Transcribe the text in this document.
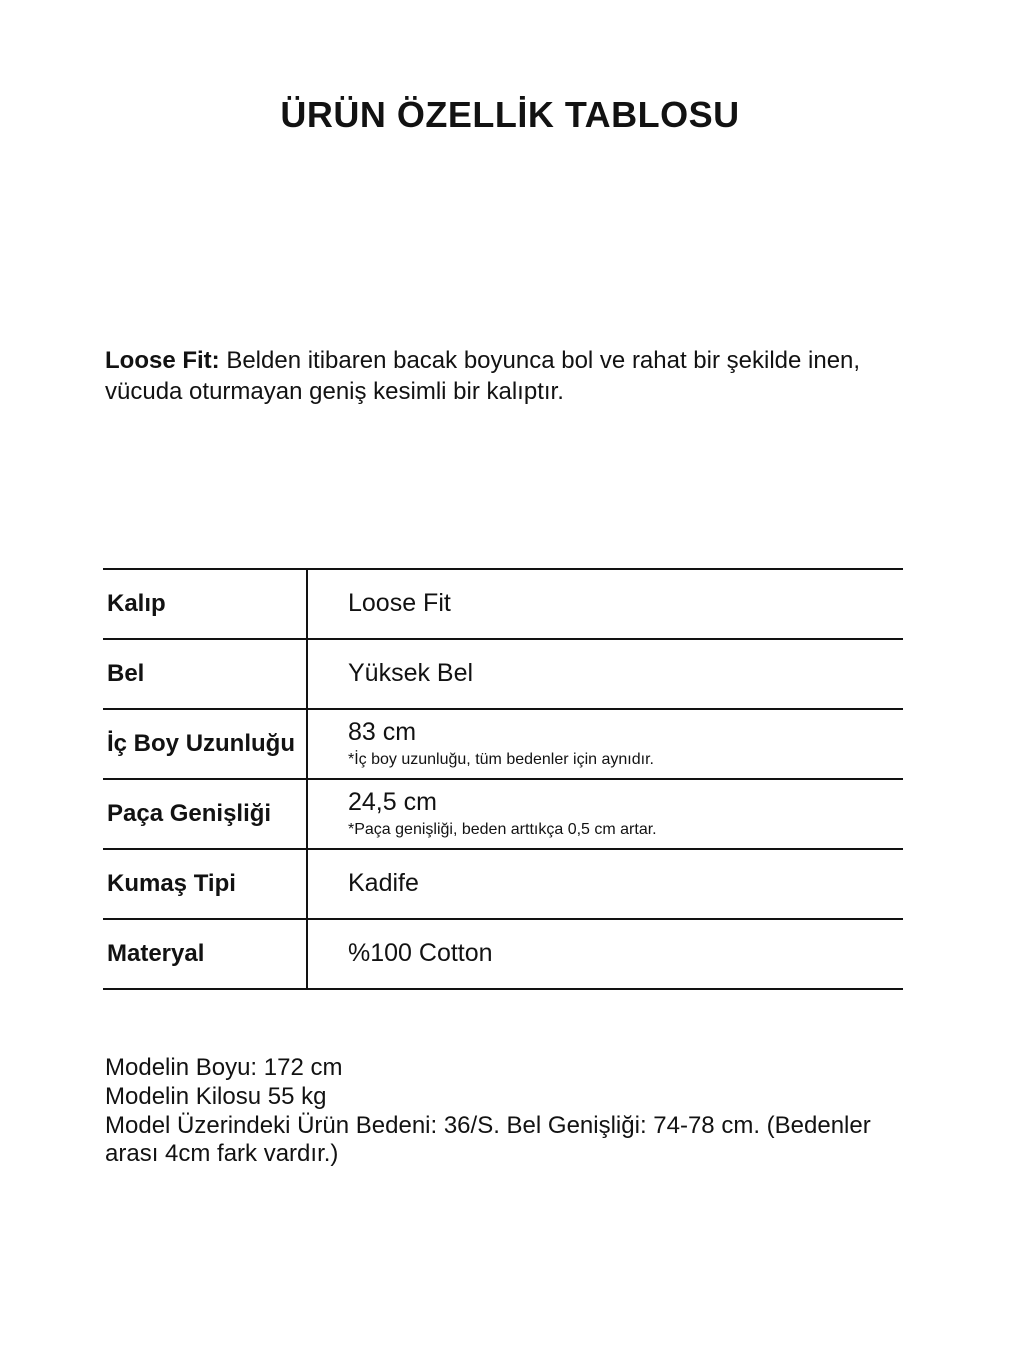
ÜRÜN ÖZELLİK TABLOSU

Loose Fit: Belden itibaren bacak boyunca bol ve rahat bir şekilde inen, vücuda oturmayan geniş kesimli bir kalıptır.

Kalıp	Loose Fit
Bel	Yüksek Bel
İç Boy Uzunluğu	83 cm
*İç boy uzunluğu, tüm bedenler için aynıdır.
Paça Genişliği	24,5 cm
*Paça genişliği, beden arttıkça 0,5 cm artar.
Kumaş Tipi	Kadife
Materyal	%100 Cotton

Modelin Boyu: 172 cm

Modelin Kilosu 55 kg

Model Üzerindeki Ürün Bedeni: 36/S. Bel Genişliği: 74-78 cm. (Bedenler arası 4cm fark vardır.)
